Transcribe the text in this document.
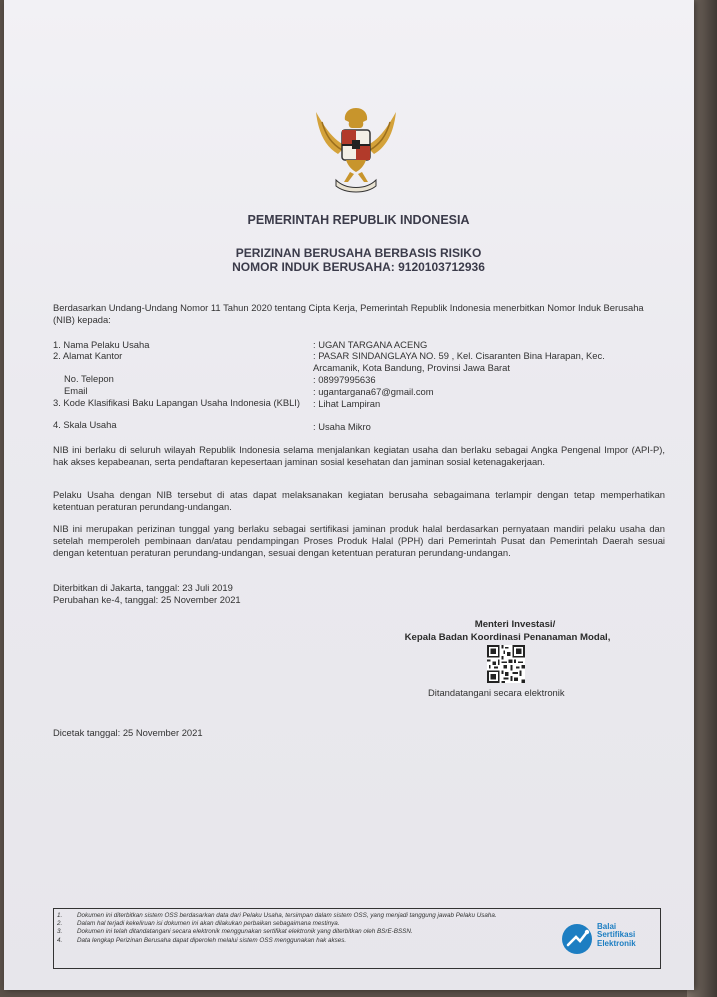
PEMERINTAH REPUBLIK INDONESIA
PERIZINAN BERUSAHA BERBASIS RISIKO
NOMOR INDUK BERUSAHA: 9120103712936
Berdasarkan Undang-Undang Nomor 11 Tahun 2020 tentang Cipta Kerja, Pemerintah Republik Indonesia menerbitkan Nomor Induk Berusaha (NIB) kepada:
1. Nama Pelaku Usaha	: UGAN TARGANA ACENG
2. Alamat Kantor	: PASAR SINDANGLAYA NO. 59 , Kel. Cisaranten Bina Harapan, Kec. Arcamanik, Kota Bandung, Provinsi Jawa Barat
No. Telepon	: 08997995636
Email	: ugantargana67@gmail.com
3. Kode Klasifikasi Baku Lapangan Usaha Indonesia (KBLI)	: Lihat Lampiran
4. Skala Usaha	: Usaha Mikro
NIB ini berlaku di seluruh wilayah Republik Indonesia selama menjalankan kegiatan usaha dan berlaku sebagai Angka Pengenal Impor (API-P), hak akses kepabeanan, serta pendaftaran kepesertaan jaminan sosial kesehatan dan jaminan sosial ketenagakerjaan.
Pelaku Usaha dengan NIB tersebut di atas dapat melaksanakan kegiatan berusaha sebagaimana terlampir dengan tetap memperhatikan ketentuan peraturan perundang-undangan.
NIB ini merupakan perizinan tunggal yang berlaku sebagai sertifikasi jaminan produk halal berdasarkan pernyataan mandiri pelaku usaha dan setelah memperoleh pembinaan dan/atau pendampingan Proses Produk Halal (PPH) dari Pemerintah Pusat dan Pemerintah Daerah sesuai dengan ketentuan peraturan perundang-undangan, sesuai dengan ketentuan peraturan perundang-undangan.
Diterbitkan di Jakarta, tanggal: 23 Juli 2019
Perubahan ke-4, tanggal: 25 November 2021
Menteri Investasi/
Kepala Badan Koordinasi Penanaman Modal,
Ditandatangani secara elektronik
Dicetak tanggal: 25 November 2021
1.	Dokumen ini diterbitkan sistem OSS berdasarkan data dari Pelaku Usaha, tersimpan dalam sistem OSS, yang menjadi tanggung jawab Pelaku Usaha.
2.	Dalam hal terjadi kekeliruan isi dokumen ini akan dilakukan perbaikan sebagaimana mestinya.
3.	Dokumen ini telah ditandatangani secara elektronik menggunakan sertifikat elektronik yang diterbitkan oleh BSrE-BSSN.
4.	Data lengkap Perizinan Berusaha dapat diperoleh melalui sistem OSS menggunakan hak akses.
Balai
Sertifikasi
Elektronik
